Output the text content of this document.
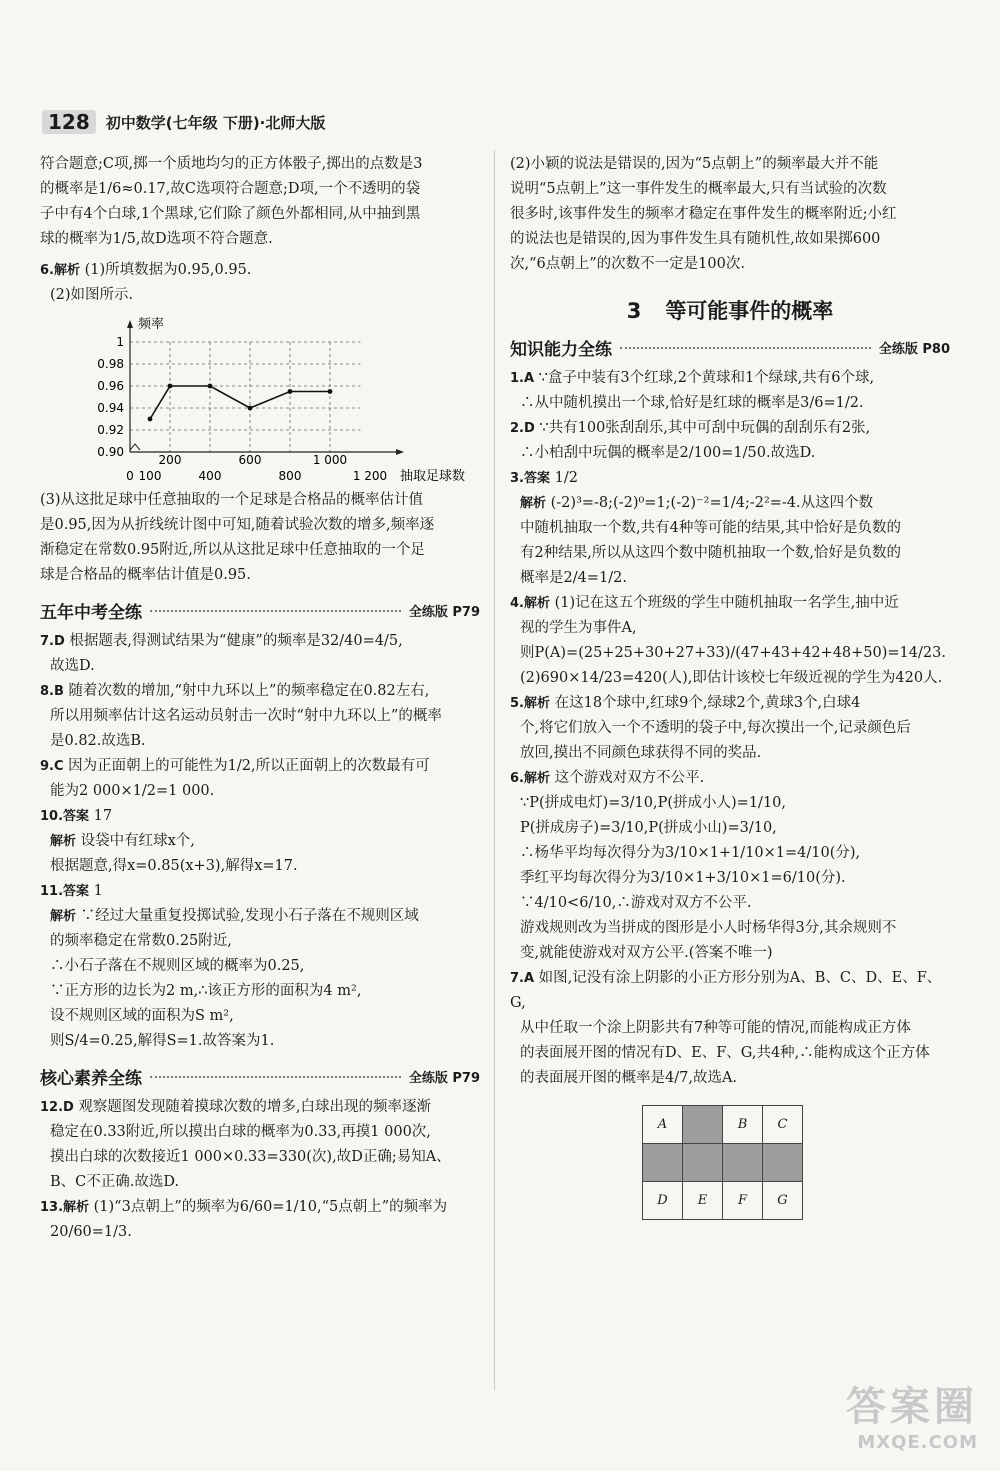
128	初中数学(七年级 下册)·北师大版

符合题意;C项,掷一个质地均匀的正方体骰子,掷出的点数是3

的概率是1/6≈0.17,故C选项符合题意;D项,一个不透明的袋

子中有4个白球,1个黑球,它们除了颜色外都相同,从中抽到黑

球的概率为1/5,故D选项不符合题意.

6.解析 (1)所填数据为0.95,0.95.

(2)如图所示.

1
0.98
0.96
0.94
0.92
0.90
频率
抽取足球数
0 100	400	800	1 200
200	600	1 000

(3)从这批足球中任意抽取的一个足球是合格品的概率估计值

是0.95,因为从折线统计图中可知,随着试验次数的增多,频率逐

渐稳定在常数0.95附近,所以从这批足球中任意抽取的一个足

球是合格品的概率估计值是0.95.

五年中考全练	全练版 P79

7.D 根据题表,得测试结果为“健康”的频率是32/40=4/5,

故选D.

8.B 随着次数的增加,“射中九环以上”的频率稳定在0.82左右,

所以用频率估计这名运动员射击一次时“射中九环以上”的概率

是0.82.故选B.

9.C 因为正面朝上的可能性为1/2,所以正面朝上的次数最有可

能为2 000×1/2=1 000.

10.答案 17

解析 设袋中有红球x个,

根据题意,得x=0.85(x+3),解得x=17.

11.答案 1

解析 ∵经过大量重复投掷试验,发现小石子落在不规则区域

的频率稳定在常数0.25附近,

∴小石子落在不规则区域的概率为0.25,

∵正方形的边长为2 m,∴该正方形的面积为4 m²,

设不规则区域的面积为S m²,

则S/4=0.25,解得S=1.故答案为1.

核心素养全练	全练版 P79

12.D 观察题图发现随着摸球次数的增多,白球出现的频率逐渐

稳定在0.33附近,所以摸出白球的概率为0.33,再摸1 000次,

摸出白球的次数接近1 000×0.33=330(次),故D正确;易知A、

B、C不正确.故选D.

13.解析 (1)“3点朝上”的频率为6/60=1/10,“5点朝上”的频率为

20/60=1/3.

(2)小颖的说法是错误的,因为“5点朝上”的频率最大并不能

说明“5点朝上”这一事件发生的概率最大,只有当试验的次数

很多时,该事件发生的频率才稳定在事件发生的概率附近;小红

的说法也是错误的,因为事件发生具有随机性,故如果掷600

次,“6点朝上”的次数不一定是100次.

3 等可能事件的概率
知识能力全练	全练版 P80

1.A ∵盒子中装有3个红球,2个黄球和1个绿球,共有6个球,

∴从中随机摸出一个球,恰好是红球的概率是3/6=1/2.

2.D ∵共有100张刮刮乐,其中可刮中玩偶的刮刮乐有2张,

∴小柏刮中玩偶的概率是2/100=1/50.故选D.

3.答案 1/2

解析 (-2)³=-8;(-2)⁰=1;(-2)⁻²=1/4;-2²=-4.从这四个数

中随机抽取一个数,共有4种等可能的结果,其中恰好是负数的

有2种结果,所以从这四个数中随机抽取一个数,恰好是负数的

概率是2/4=1/2.

4.解析 (1)记在这五个班级的学生中随机抽取一名学生,抽中近

视的学生为事件A,

则P(A)=(25+25+30+27+33)/(47+43+42+48+50)=14/23.

(2)690×14/23=420(人),即估计该校七年级近视的学生为420人.

5.解析 在这18个球中,红球9个,绿球2个,黄球3个,白球4

个,将它们放入一个不透明的袋子中,每次摸出一个,记录颜色后

放回,摸出不同颜色球获得不同的奖品.

6.解析 这个游戏对双方不公平.

∵P(拼成电灯)=3/10,P(拼成小人)=1/10,

P(拼成房子)=3/10,P(拼成小山)=3/10,

∴杨华平均每次得分为3/10×1+1/10×1=4/10(分),

季红平均每次得分为3/10×1+3/10×1=6/10(分).

∵4/10<6/10,∴游戏对双方不公平.

游戏规则改为当拼成的图形是小人时杨华得3分,其余规则不

变,就能使游戏对双方公平.(答案不唯一)

7.A 如图,记没有涂上阴影的小正方形分别为A、B、C、D、E、F、G,

从中任取一个涂上阴影共有7种等可能的情况,而能构成正方体

的表面展开图的情况有D、E、F、G,共4种,∴能构成这个正方体

的表面展开图的概率是4/7,故选A.

A		B	C

D	E	F	G
答案圈
MXQE.COM
